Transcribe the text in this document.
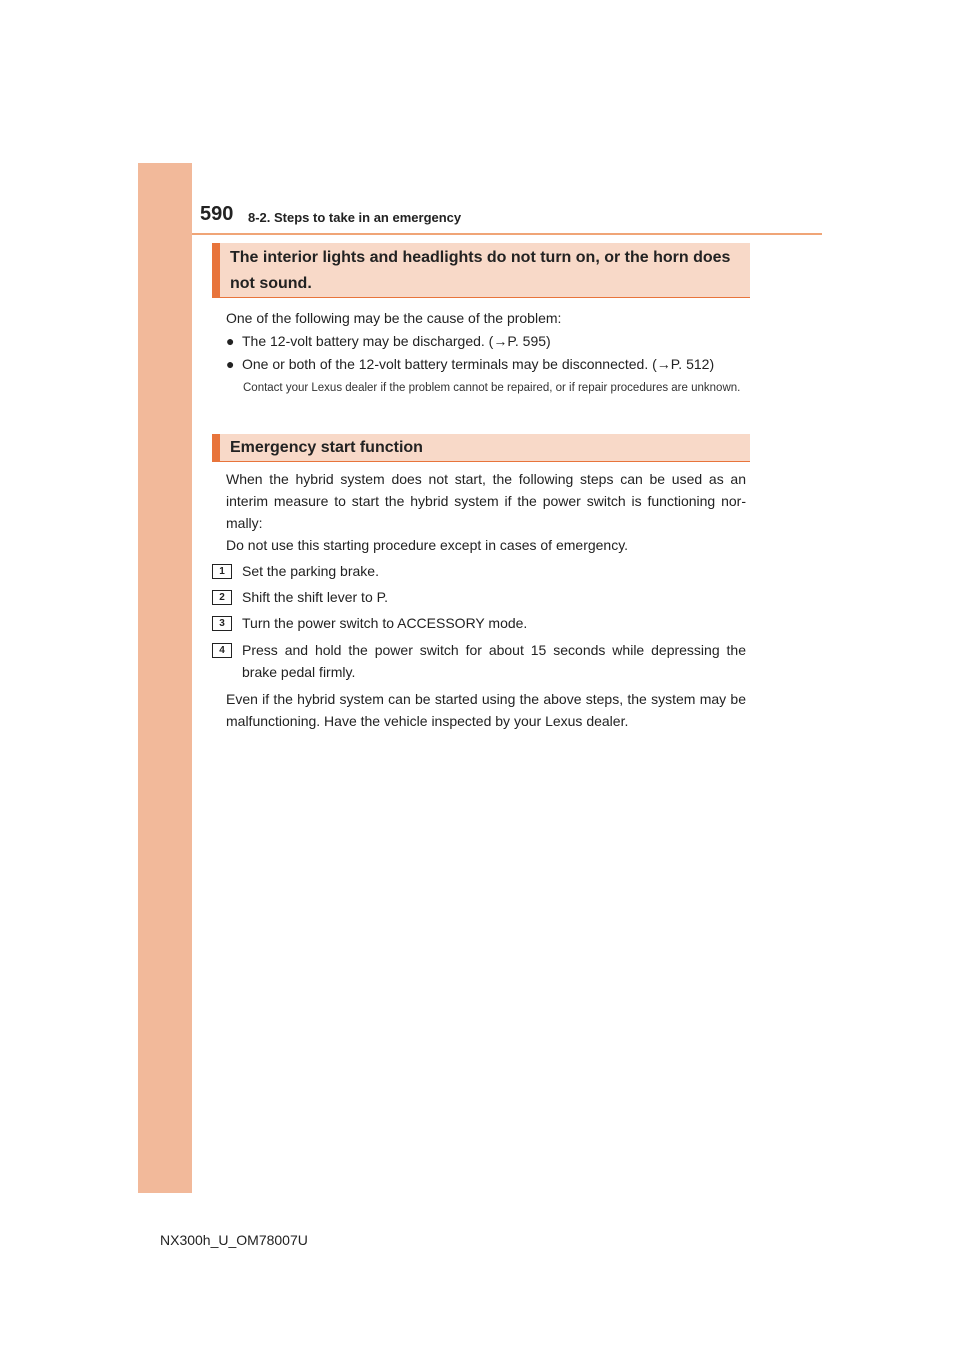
590 8-2. Steps to take in an emergency
The interior lights and headlights do not turn on, or the horn does not sound.
One of the following may be the cause of the problem:
● The 12-volt battery may be discharged. (→P. 595)
● One or both of the 12-volt battery terminals may be disconnected. (→P. 512)
Contact your Lexus dealer if the problem cannot be repaired, or if repair procedures are unknown.
Emergency start function
When the hybrid system does not start, the following steps can be used as an interim measure to start the hybrid system if the power switch is functioning nor-mally:
Do not use this starting procedure except in cases of emergency.
1	Set the parking brake.
2	Shift the shift lever to P.
3	Turn the power switch to ACCESSORY mode.
4	Press and hold the power switch for about 15 seconds while depressing the brake pedal firmly.
Even if the hybrid system can be started using the above steps, the system may be malfunctioning. Have the vehicle inspected by your Lexus dealer.
NX300h_U_OM78007U
